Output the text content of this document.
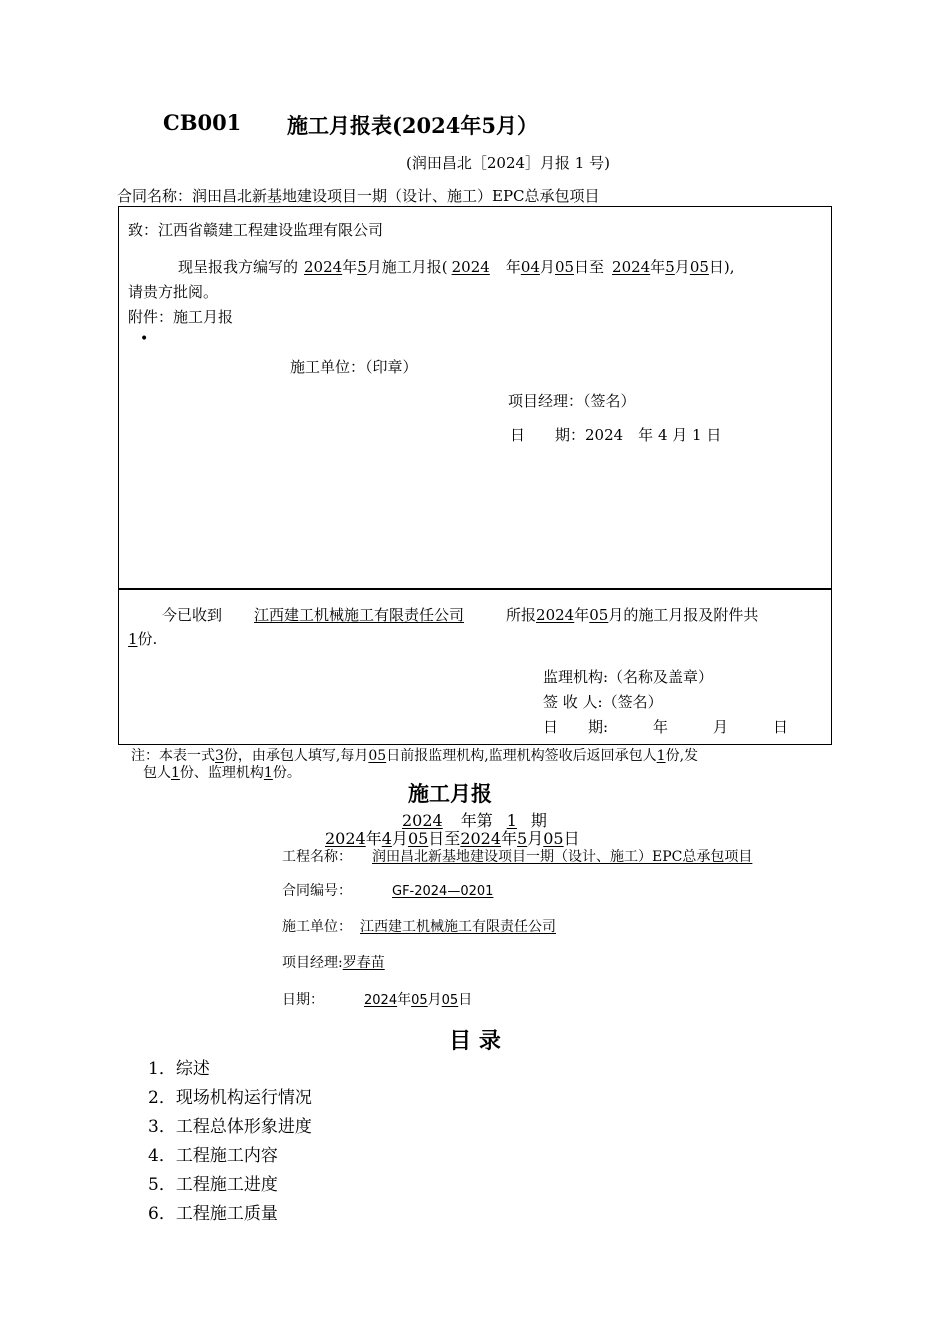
CB001 施工月报表(2024年5月）
(润田昌北［2024］月报 1 号)
合同名称：润田昌北新基地建设项目一期（设计、施工）EPC总承包项目
致：江西省赣建工程建设监理有限公司
现呈报我方编写的 2024年5月施工月报( 2024 年04月05日至 2024年5月05日),
请贵方批阅。
附件：施工月报
•
施工单位：（印章）
项目经理：（签名）
日　　期：2024　年 4 月 1 日
今已收到 江西建工机械施工有限责任公司	所报2024年05月的施工月报及附件共
1份.
监理机构:（名称及盖章）
签 收 人:（签名）
日　　期:　　　年　　　月　　　日
注：本表一式3份，由承包人填写,每月05日前报监理机构,监理机构签收后返回承包人1份,发
包人1份、监理机构1份。
施工月报
2024 年第 1 期
2024年4月05日至2024年5月05日
工程名称： 润田昌北新基地建设项目一期（设计、施工）EPC总承包项目
合同编号：	GF-2024—0201
施工单位： 江西建工机械施工有限责任公司
项目经理:罗春苗
日期：	2024年05月05日
目 录
1．综述
2．现场机构运行情况
3．工程总体形象进度
4．工程施工内容
5．工程施工进度
6．工程施工质量
